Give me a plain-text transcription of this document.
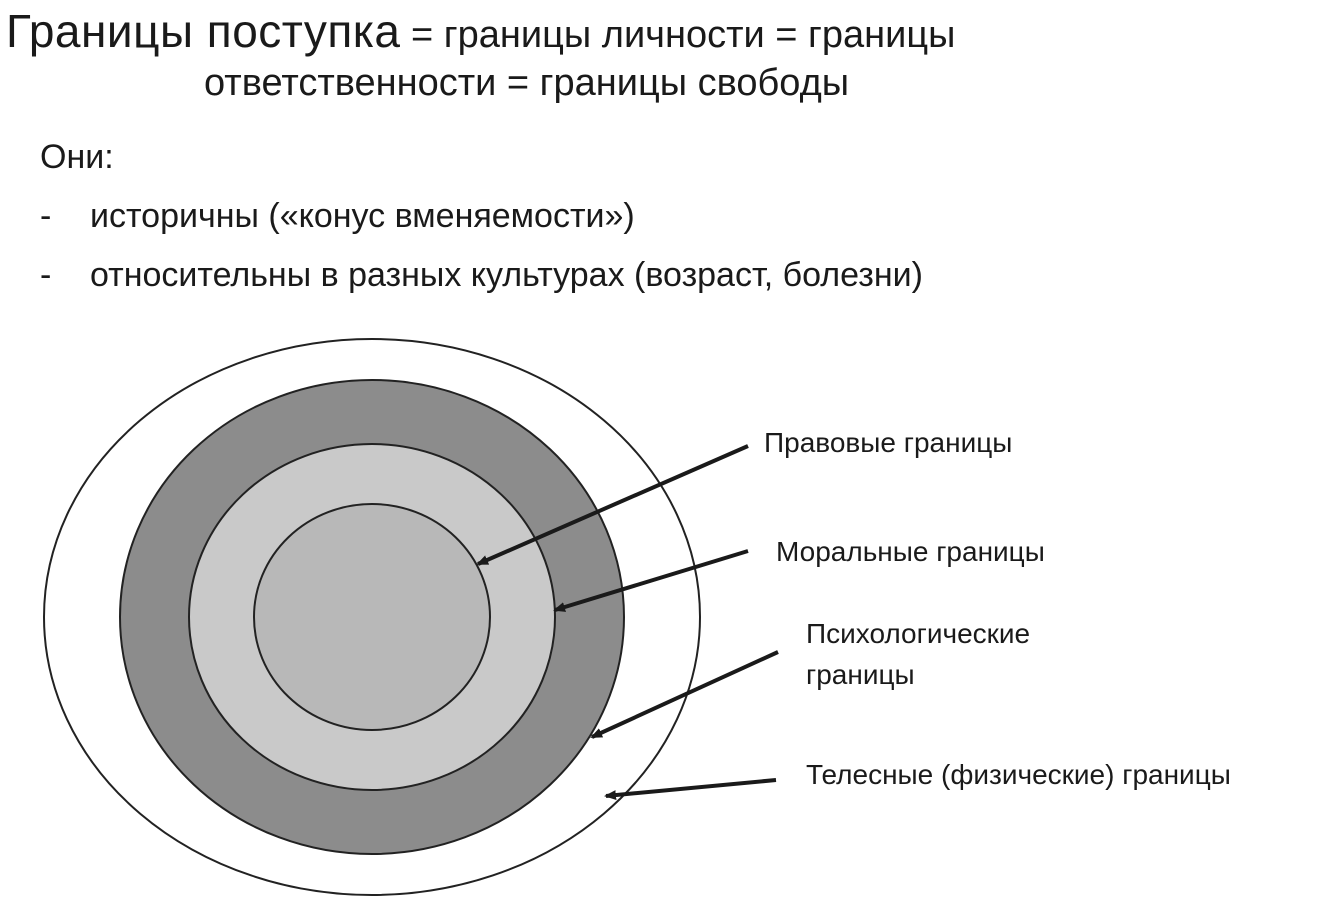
Границы поступка = границы личности = границы
ответственности = границы свободы
Они:
- историчны («конус вменяемости»)
- относительны в разных культурах (возраст, болезни)
Правовые границы
Моральные границы
Психологические
границы
Телесные (физические) границы
